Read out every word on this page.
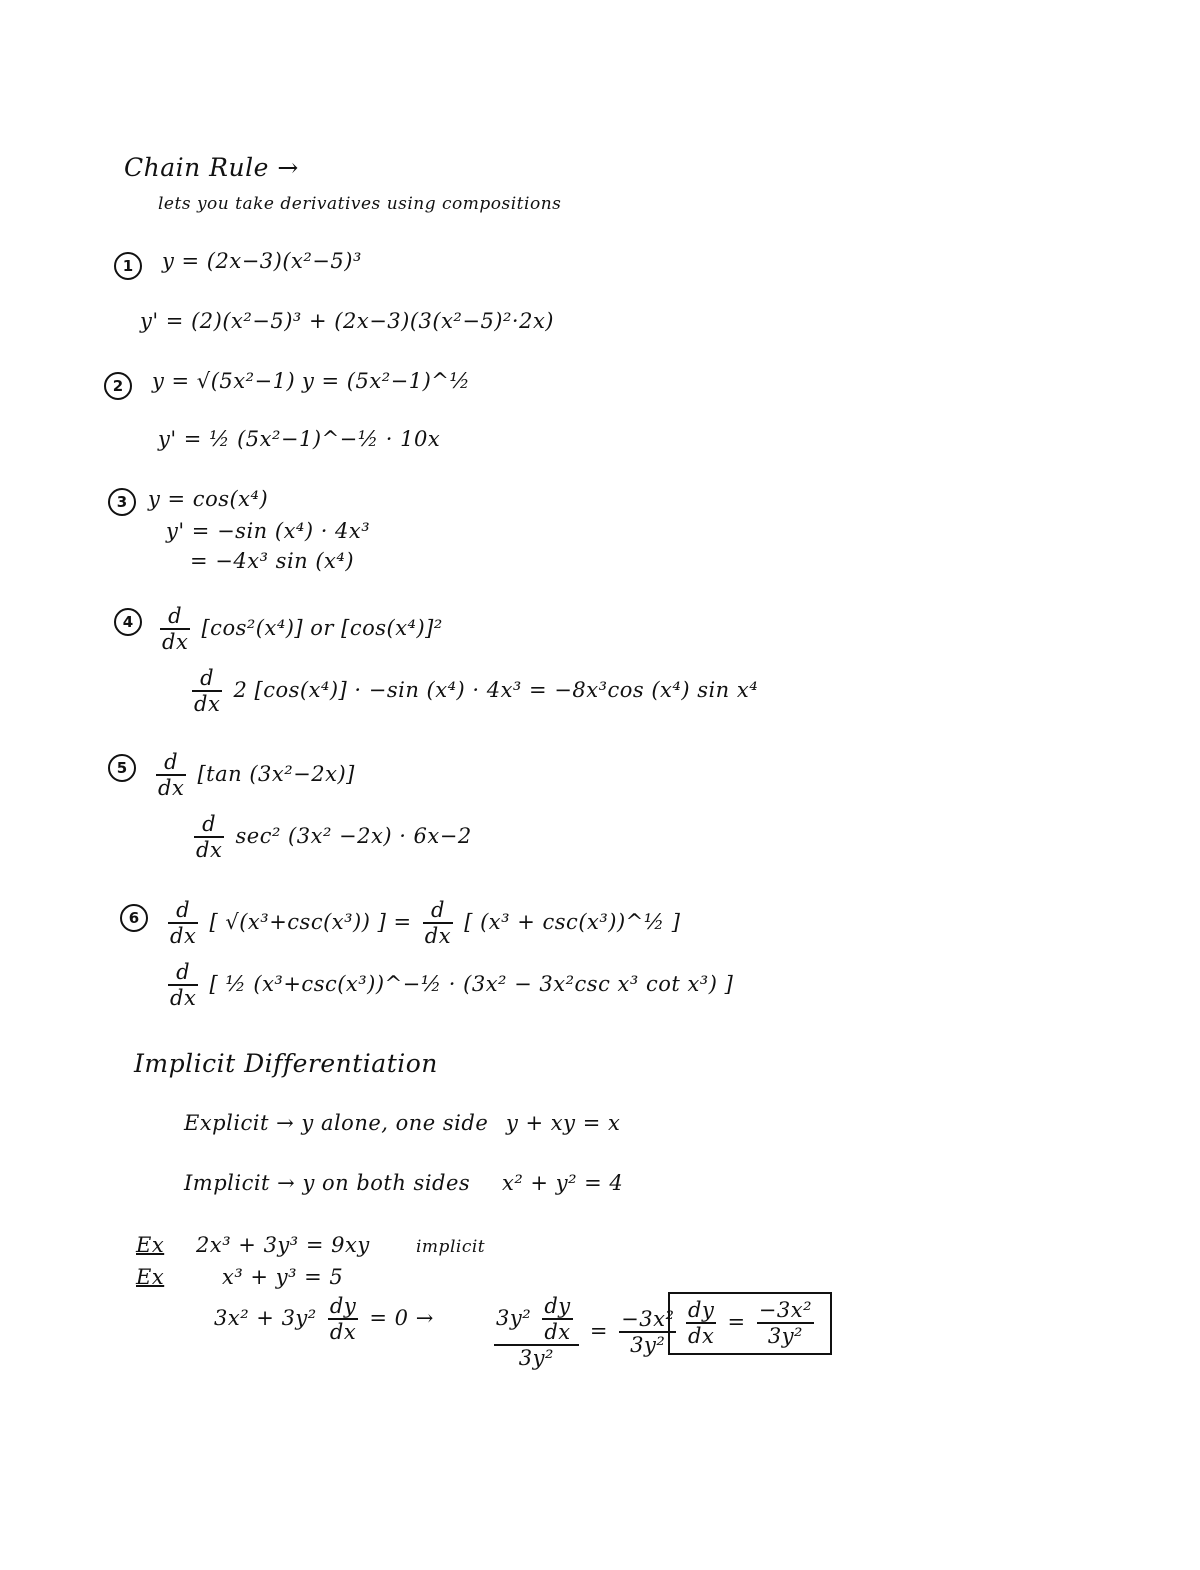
Chain Rule →
lets you take derivatives using compositions
1	y = (2x−3)(x²−5)³
y' = (2)(x²−5)³ + (2x−3)(3(x²−5)²·2x)
2	y = √(5x²−1) y = (5x²−1)^½
y' = ½ (5x²−1)^−½ · 10x
3 y = cos(x⁴)
y' = −sin (x⁴) · 4x³
= −4x³ sin (x⁴)
4	$\frac{d}{dx} [\cos^2(x^4)]$ or [cos(x⁴)]²
$\frac{d}{dx} 2$ [cos(x⁴)] · −sin (x⁴) · 4x³ = −8x³cos (x⁴) sin x⁴
5	$\frac{d}{dx} [\tan$ (3x²−2x)]
$\frac{d}{dx} \sec^2$ (3x² −2x) · 6x−2
6	$\frac{d}{dx}$ [ √(x³+csc(x³)) ] = $\frac{d}{dx}$ [ (x³ + csc(x³))^½ ]
$\frac{d}{dx}$ [ ½ (x³+csc(x³))^−½ · (3x² − 3x²csc x³ cot x³) ]
Implicit Differentiation
Explicit → y alone, one side y + xy = x
Implicit → y on both sides x² + y² = 4
Ex 2x³ + 3y³ = 9xy	implicit
Ex	x³ + y³ = 5
$3x^2 + 3y^2 \frac{dy}{dx} = 0$ →	$\frac{3y^2 \frac{dy}{dx}}{\text{3y²}} = \frac{\text{−3x²}}{\text{3y²}} \frac{dy}{dx} = \frac{\text{−3x²}}{\text{3y²}}$
